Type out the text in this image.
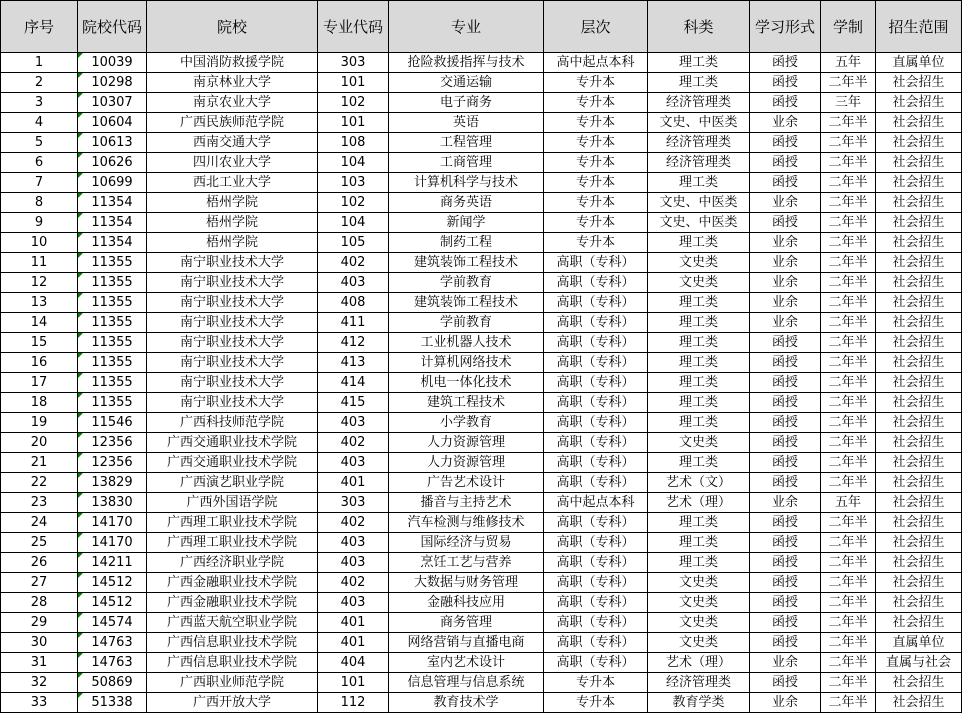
序号	院校代码	院校	专业代码	专业	层次	科类	学习形式	学制	招生范围
1	10039	中国消防救援学院	303	抢险救援指挥与技术	高中起点本科	理工类	函授	五年	直属单位
2	10298	南京林业大学	101	交通运输	专升本	理工类	函授	二年半	社会招生
3	10307	南京农业大学	102	电子商务	专升本	经济管理类	函授	三年	社会招生
4	10604	广西民族师范学院	101	英语	专升本	文史、中医类	业余	二年半	社会招生
5	10613	西南交通大学	108	工程管理	专升本	经济管理类	函授	二年半	社会招生
6	10626	四川农业大学	104	工商管理	专升本	经济管理类	函授	二年半	社会招生
7	10699	西北工业大学	103	计算机科学与技术	专升本	理工类	函授	二年半	社会招生
8	11354	梧州学院	102	商务英语	专升本	文史、中医类	业余	二年半	社会招生
9	11354	梧州学院	104	新闻学	专升本	文史、中医类	函授	二年半	社会招生
10	11354	梧州学院	105	制药工程	专升本	理工类	业余	二年半	社会招生
11	11355	南宁职业技术大学	402	建筑装饰工程技术	高职（专科）	文史类	业余	二年半	社会招生
12	11355	南宁职业技术大学	403	学前教育	高职（专科）	文史类	业余	二年半	社会招生
13	11355	南宁职业技术大学	408	建筑装饰工程技术	高职（专科）	理工类	业余	二年半	社会招生
14	11355	南宁职业技术大学	411	学前教育	高职（专科）	理工类	业余	二年半	社会招生
15	11355	南宁职业技术大学	412	工业机器人技术	高职（专科）	理工类	函授	二年半	社会招生
16	11355	南宁职业技术大学	413	计算机网络技术	高职（专科）	理工类	函授	二年半	社会招生
17	11355	南宁职业技术大学	414	机电一体化技术	高职（专科）	理工类	函授	二年半	社会招生
18	11355	南宁职业技术大学	415	建筑工程技术	高职（专科）	理工类	函授	二年半	社会招生
19	11546	广西科技师范学院	403	小学教育	高职（专科）	理工类	函授	二年半	社会招生
20	12356	广西交通职业技术学院	402	人力资源管理	高职（专科）	文史类	函授	二年半	社会招生
21	12356	广西交通职业技术学院	403	人力资源管理	高职（专科）	理工类	函授	二年半	社会招生
22	13829	广西演艺职业学院	401	广告艺术设计	高职（专科）	艺术（文）	函授	二年半	社会招生
23	13830	广西外国语学院	303	播音与主持艺术	高中起点本科	艺术（理）	业余	五年	社会招生
24	14170	广西理工职业技术学院	402	汽车检测与维修技术	高职（专科）	理工类	函授	二年半	社会招生
25	14170	广西理工职业技术学院	403	国际经济与贸易	高职（专科）	理工类	函授	二年半	社会招生
26	14211	广西经济职业学院	403	烹饪工艺与营养	高职（专科）	理工类	函授	二年半	社会招生
27	14512	广西金融职业技术学院	402	大数据与财务管理	高职（专科）	文史类	函授	二年半	社会招生
28	14512	广西金融职业技术学院	403	金融科技应用	高职（专科）	文史类	函授	二年半	社会招生
29	14574	广西蓝天航空职业学院	401	商务管理	高职（专科）	文史类	函授	二年半	社会招生
30	14763	广西信息职业技术学院	401	网络营销与直播电商	高职（专科）	文史类	函授	二年半	直属单位
31	14763	广西信息职业技术学院	404	室内艺术设计	高职（专科）	艺术（理）	业余	二年半	直属与社会
32	50869	广西职业师范学院	101	信息管理与信息系统	专升本	经济管理类	函授	二年半	社会招生
33	51338	广西开放大学	112	教育技术学	专升本	教育学类	业余	二年半	社会招生
